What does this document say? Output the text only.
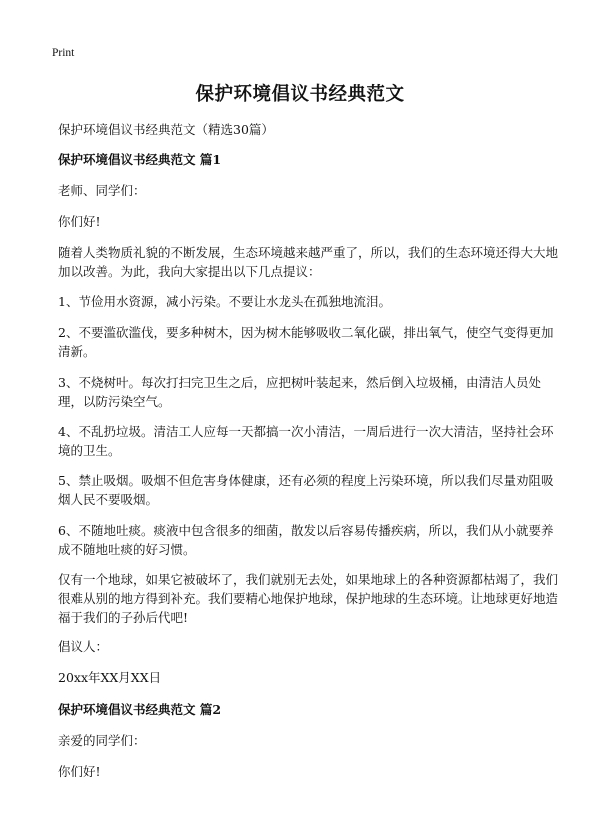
Print
保护环境倡议书经典范文

保护环境倡议书经典范文（精选30篇）

保护环境倡议书经典范文 篇1

老师、同学们：

你们好!

随着人类物质礼貌的不断发展，生态环境越来越严重了，所以，我们的生态环境还得大大地加以改善。为此，我向大家提出以下几点提议：

1、节俭用水资源，减小污染。不要让水龙头在孤独地流泪。

2、不要滥砍滥伐，要多种树木，因为树木能够吸收二氧化碳，排出氧气，使空气变得更加清新。

3、不烧树叶。每次打扫完卫生之后，应把树叶装起来，然后倒入垃圾桶，由清洁人员处理，以防污染空气。

4、不乱扔垃圾。清洁工人应每一天都搞一次小清洁，一周后进行一次大清洁，坚持社会环境的卫生。

5、禁止吸烟。吸烟不但危害身体健康，还有必须的程度上污染环境，所以我们尽量劝阻吸烟人民不要吸烟。

6、不随地吐痰。痰液中包含很多的细菌，散发以后容易传播疾病，所以，我们从小就要养成不随地吐痰的好习惯。

仅有一个地球，如果它被破坏了，我们就别无去处，如果地球上的各种资源都枯竭了，我们很难从别的地方得到补充。我们要精心地保护地球，保护地球的生态环境。让地球更好地造福于我们的子孙后代吧!

倡议人：

20xx年XX月XX日

保护环境倡议书经典范文 篇2

亲爱的同学们：

你们好!
